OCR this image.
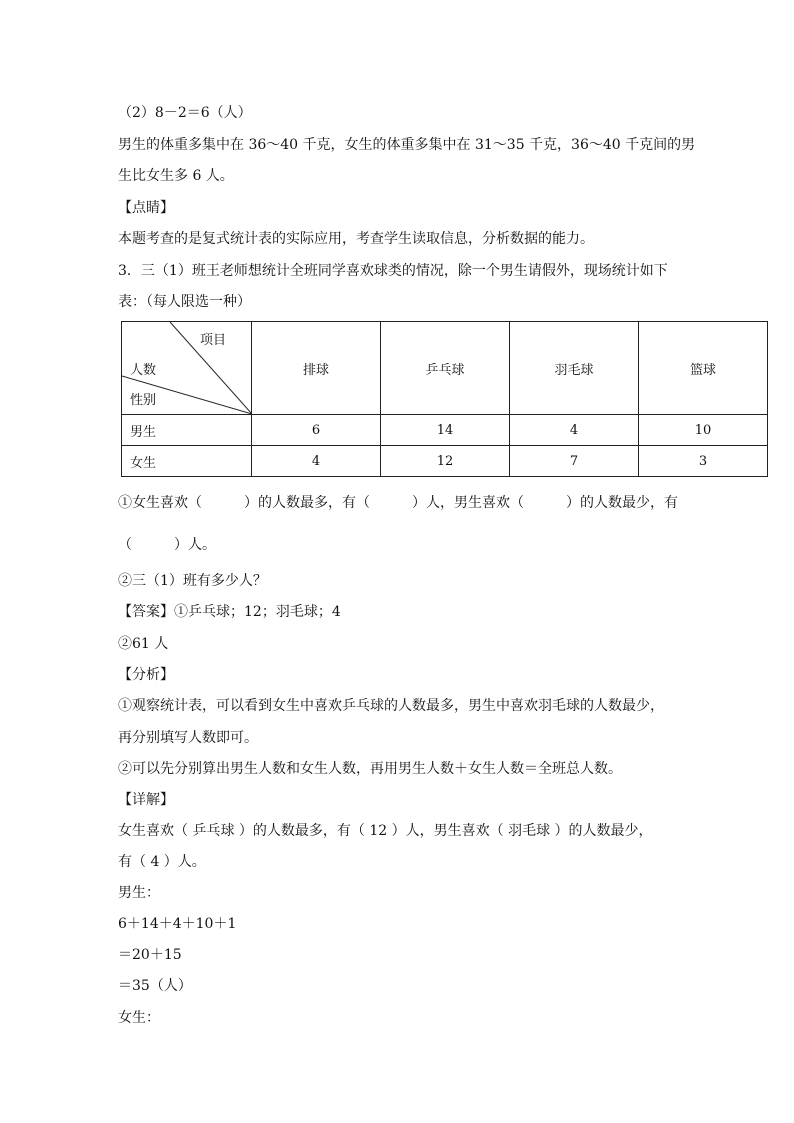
（2）8－2＝6（人）

男生的体重多集中在 36～40 千克，女生的体重多集中在 31～35 千克，36～40 千克间的男

生比女生多 6 人。

【点睛】

本题考查的是复式统计表的实际应用，考查学生读取信息，分析数据的能力。

3．三（1）班王老师想统计全班同学喜欢球类的情况，除一个男生请假外，现场统计如下

表：（每人限选一种）

项目
人数
性别	排球	乒乓球	羽毛球	篮球
男生	6	14	4	10
女生	4	12	7	3

①女生喜欢（　　　）的人数最多，有（　　　）人，男生喜欢（　　　）的人数最少，有

（　　　）人。

②三（1）班有多少人？

【答案】①乒乓球；12；羽毛球；4

②61 人

【分析】

①观察统计表，可以看到女生中喜欢乒乓球的人数最多，男生中喜欢羽毛球的人数最少，

再分别填写人数即可。

②可以先分别算出男生人数和女生人数，再用男生人数＋女生人数＝全班总人数。

【详解】

女生喜欢（ 乒乓球 ）的人数最多，有（ 12 ）人，男生喜欢（ 羽毛球 ）的人数最少，

有（ 4 ）人。

男生：

6＋14＋4＋10＋1

＝20＋15

＝35（人）

女生：
